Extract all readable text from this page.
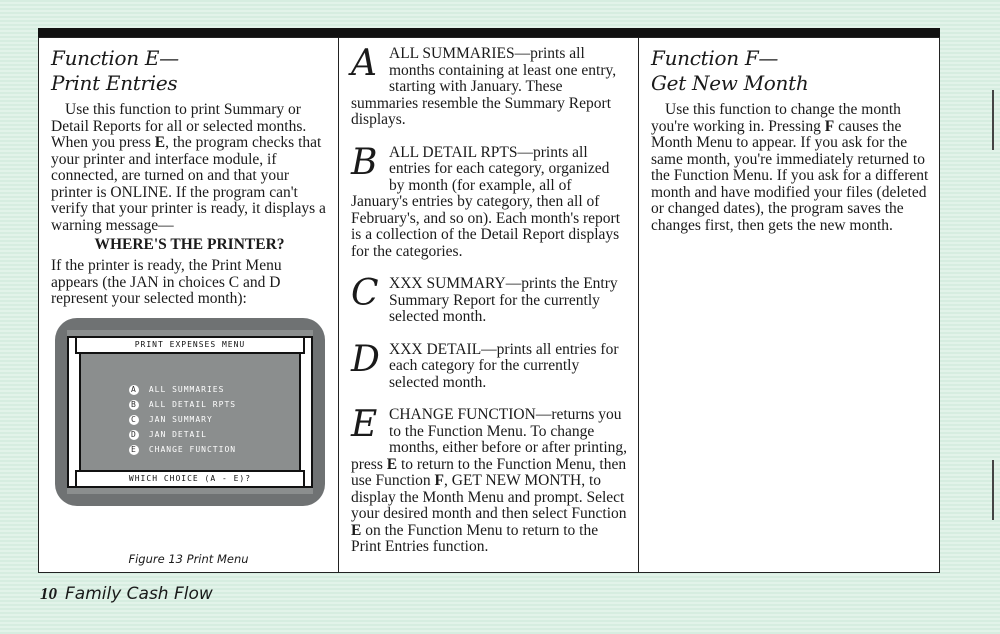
Function E—
Print Entries

Use this function to print Summary or Detail Reports for all or selected months. When you press E, the program checks that your printer and interface module, if connected, are turned on and that your printer is ONLINE. If the program can't verify that your printer is ready, it displays a warning message—

WHERE'S THE PRINTER?

If the printer is ready, the Print Menu appears (the JAN in choices C and D represent your selected month):

PRINT EXPENSES MENU
A ALL SUMMARIES
B ALL DETAIL RPTS
C JAN SUMMARY
D JAN DETAIL
E CHANGE FUNCTION
WHICH CHOICE (A - E)?
Figure 13 Print Menu
A ALL SUMMARIES—prints all months containing at least one entry, starting with January. These summaries resemble the Summary Report displays.

B ALL DETAIL RPTS—prints all entries for each category, organized by month (for example, all of January's entries by category, then all of February's, and so on). Each month's report is a collection of the Detail Report displays for the categories.

C XXX SUMMARY—prints the Entry Summary Report for the currently selected month.

D XXX DETAIL—prints all entries for each category for the currently selected month.

E CHANGE FUNCTION—returns you to the Function Menu. To change months, either before or after printing, press E to return to the Function Menu, then use Function F, GET NEW MONTH, to display the Month Menu and prompt. Select your desired month and then select Function E on the Function Menu to return to the Print Entries function.

Function F—
Get New Month

Use this function to change the month you're working in. Pressing F causes the Month Menu to appear. If you ask for the same month, you're immediately returned to the Function Menu. If you ask for a different month and have modified your files (deleted or changed dates), the program saves the changes first, then gets the new month.

10 Family Cash Flow
